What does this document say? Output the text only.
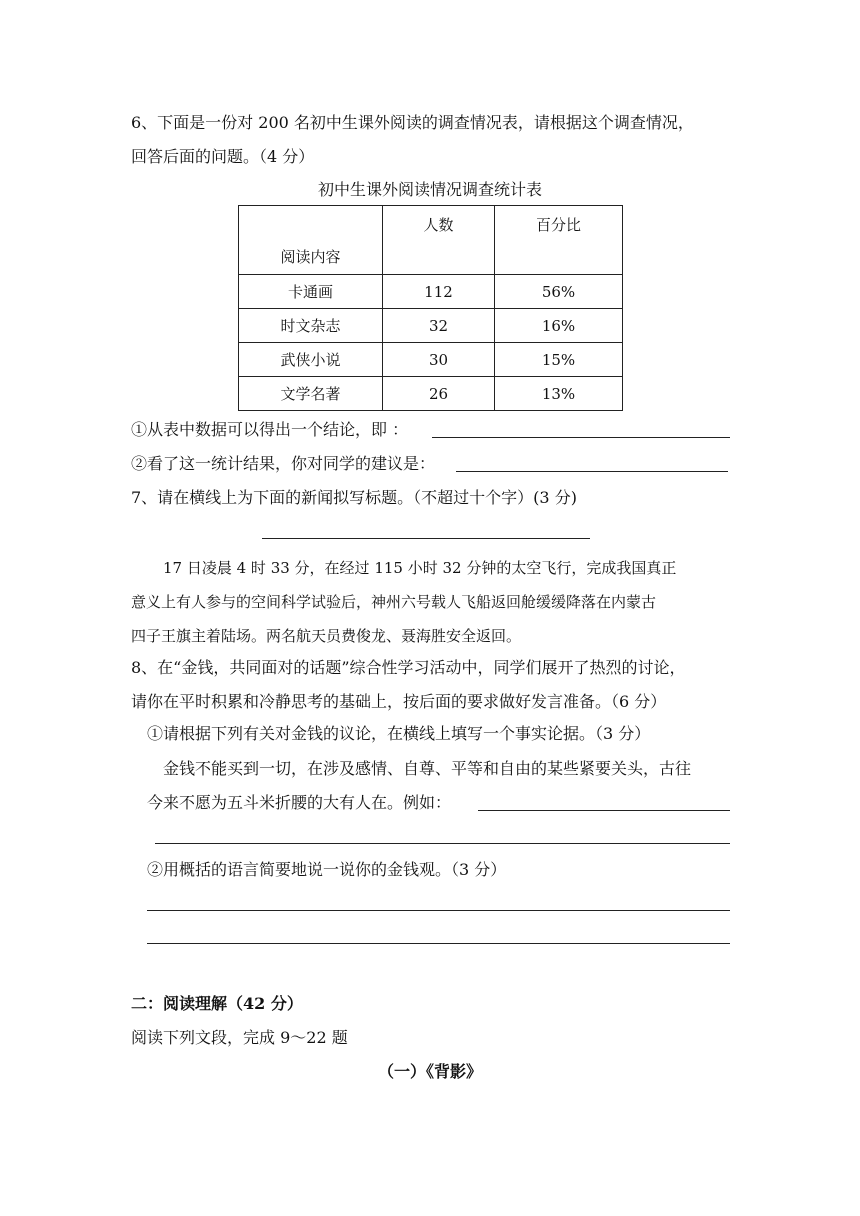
6、下面是一份对 200 名初中生课外阅读的调查情况表，请根据这个调查情况，
回答后面的问题。（4 分）
初中生课外阅读情况调查统计表
阅读内容	人数	百分比

卡通画	112	56%
时文杂志	32	16%
武侠小说	30	15%
文学名著	26	13%
①从表中数据可以得出一个结论，即 ：
②看了这一统计结果，你对同学的建议是：
7、请在横线上为下面的新闻拟写标题。（不超过十个字）(3 分)
17 日凌晨 4 时 33 分，在经过 115 小时 32 分钟的太空飞行，完成我国真正
意义上有人参与的空间科学试验后，神州六号载人飞船返回舱缓缓降落在内蒙古
四子王旗主着陆场。两名航天员费俊龙、聂海胜安全返回。
8、在“金钱，共同面对的话题”综合性学习活动中，同学们展开了热烈的讨论，
请你在平时积累和冷静思考的基础上，按后面的要求做好发言准备。（6 分）
①请根据下列有关对金钱的议论，在横线上填写一个事实论据。（3 分）
金钱不能买到一切，在涉及感情、自尊、平等和自由的某些紧要关头，古往
今来不愿为五斗米折腰的大有人在。例如：
②用概括的语言简要地说一说你的金钱观。（3 分）
二：阅读理解（42 分）
阅读下列文段，完成 9～22 题
（一）《背影》
